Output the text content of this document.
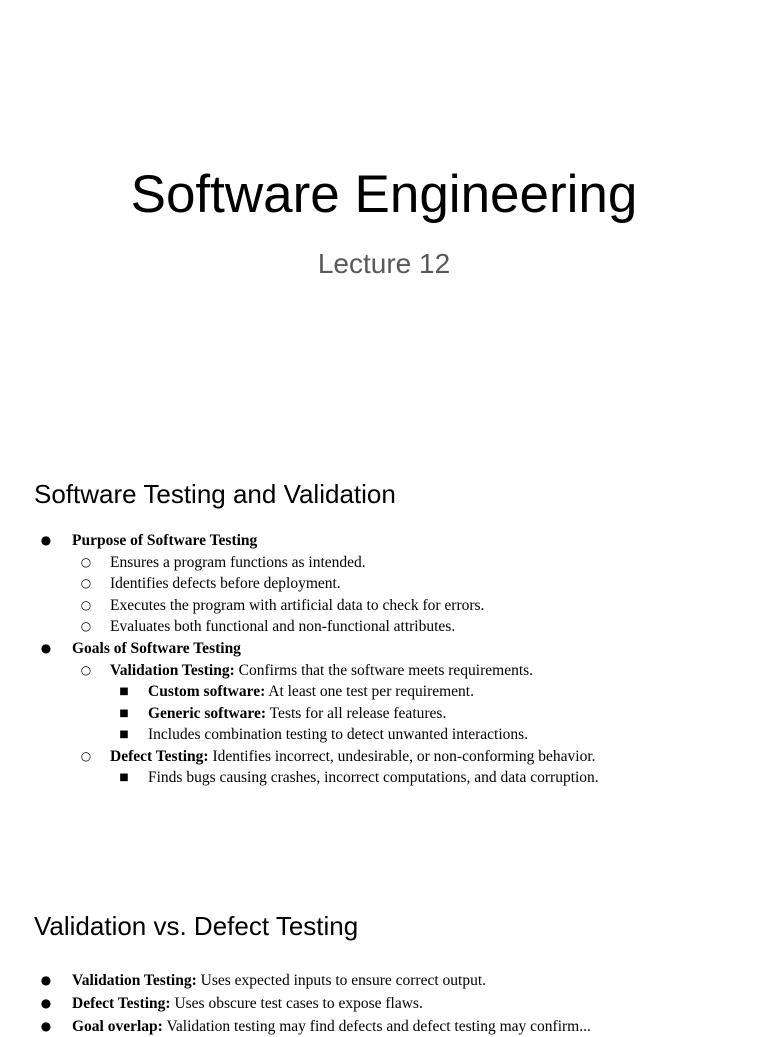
Software Engineering
Lecture 12
Software Testing and Validation
● Purpose of Software Testing
○ Ensures a program functions as intended.
○ Identifies defects before deployment.
○ Executes the program with artificial data to check for errors.
○ Evaluates both functional and non-functional attributes.
● Goals of Software Testing
○ Validation Testing: Confirms that the software meets requirements.
■ Custom software: At least one test per requirement.
■ Generic software: Tests for all release features.
■ Includes combination testing to detect unwanted interactions.
○ Defect Testing: Identifies incorrect, undesirable, or non-conforming behavior.
■ Finds bugs causing crashes, incorrect computations, and data corruption.
Validation vs. Defect Testing
● Validation Testing: Uses expected inputs to ensure correct output.
● Defect Testing: Uses obscure test cases to expose flaws.
● Goal overlap: Validation testing may find defects and defect testing may confirm...
